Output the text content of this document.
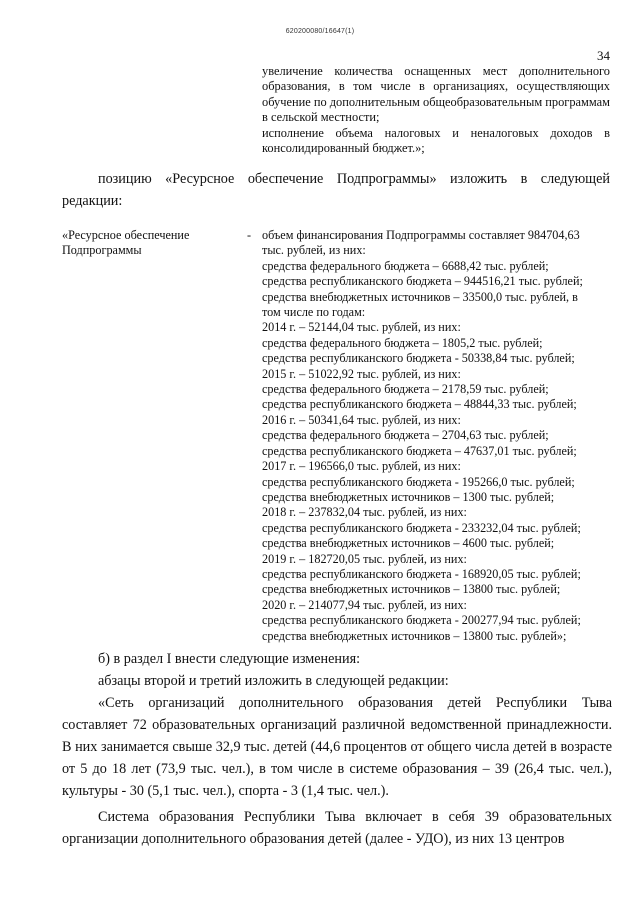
620200080/16647(1)
34

увеличение количества оснащенных мест дополнительного образования, в том числе в организациях, осуществляющих обучение по дополнительным общеобразовательным программам в сельской местности;

исполнение объема налоговых и неналоговых доходов в консолидированный бюджет.»;

позицию «Ресурсное обеспечение Подпрограммы» изложить в следующей редакции:

«Ресурсное обеспечение Подпрограммы
- объем финансирования Подпрограммы составляет 984704,63
тыс. рублей, из них:
средства федерального бюджета – 6688,42 тыс. рублей;
средства республиканского бюджета – 944516,21 тыс. рублей;
средства внебюджетных источников – 33500,0 тыс. рублей, в
том числе по годам:
2014 г. – 52144,04 тыс. рублей, из них:
средства федерального бюджета – 1805,2 тыс. рублей;
средства республиканского бюджета - 50338,84 тыс. рублей;
2015 г. – 51022,92 тыс. рублей, из них:
средства федерального бюджета – 2178,59 тыс. рублей;
средства республиканского бюджета – 48844,33 тыс. рублей;
2016 г. – 50341,64 тыс. рублей, из них:
средства федерального бюджета – 2704,63 тыс. рублей;
средства республиканского бюджета – 47637,01 тыс. рублей;
2017 г. – 196566,0 тыс. рублей, из них:
средства республиканского бюджета - 195266,0 тыс. рублей;
средства внебюджетных источников – 1300 тыс. рублей;
2018 г. – 237832,04 тыс. рублей, из них:
средства республиканского бюджета - 233232,04 тыс. рублей;
средства внебюджетных источников – 4600 тыс. рублей;
2019 г. – 182720,05 тыс. рублей, из них:
средства республиканского бюджета - 168920,05 тыс. рублей;
средства внебюджетных источников – 13800 тыс. рублей;
2020 г. – 214077,94 тыс. рублей, из них:
средства республиканского бюджета - 200277,94 тыс. рублей;
средства внебюджетных источников – 13800 тыс. рублей»;

б) в раздел I внести следующие изменения:

абзацы второй и третий изложить в следующей редакции:

«Сеть организаций дополнительного образования детей Республики Тыва составляет 72 образовательных организаций различной ведомственной принадлежности. В них занимается свыше 32,9 тыс. детей (44,6 процентов от общего числа детей в возрасте от 5 до 18 лет (73,9 тыс. чел.), в том числе в системе образования – 39 (26,4 тыс. чел.), культуры - 30 (5,1 тыс. чел.), спорта - 3 (1,4 тыс. чел.).

Система образования Республики Тыва включает в себя 39 образовательных организации дополнительного образования детей (далее - УДО), из них 13 центров
